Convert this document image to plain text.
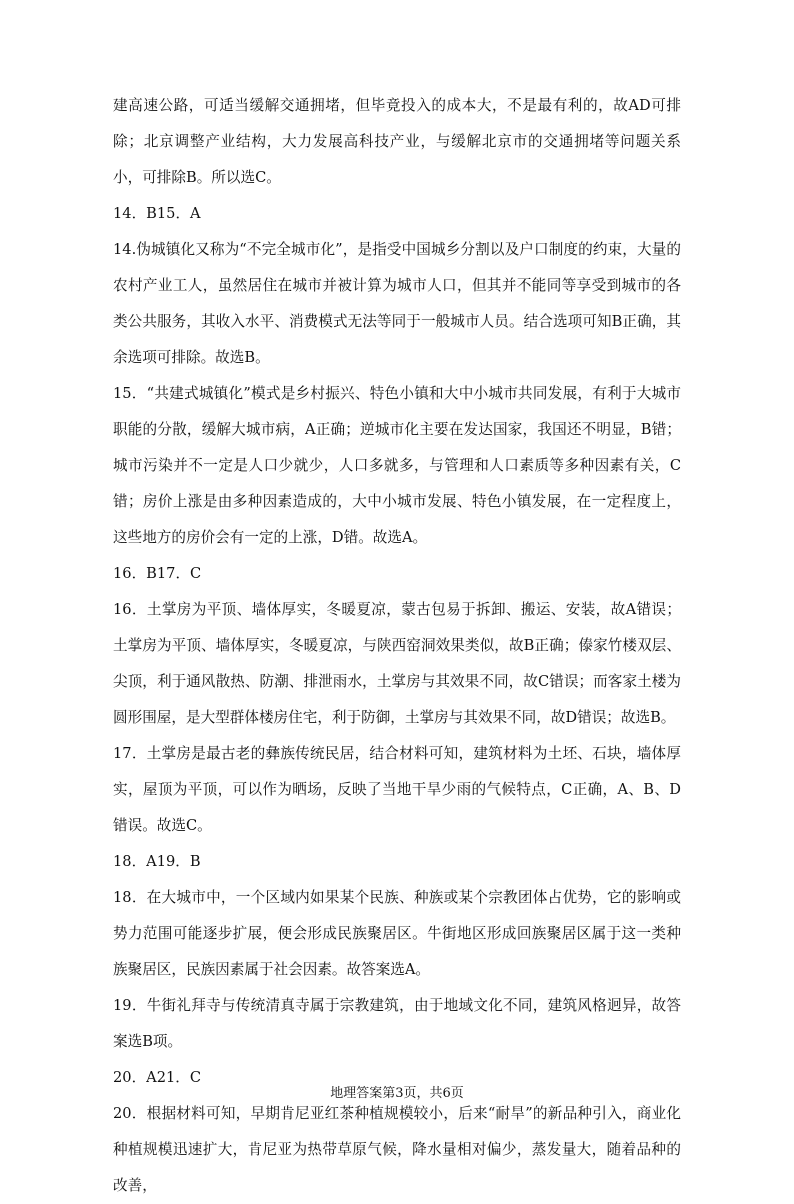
建高速公路，可适当缓解交通拥堵，但毕竟投入的成本大，不是最有利的，故AD可排除；北京调整产业结构，大力发展高科技产业，与缓解北京市的交通拥堵等问题关系小，可排除B。所以选C。

14．B15．A

14.伪城镇化又称为“不完全城市化”，是指受中国城乡分割以及户口制度的约束，大量的农村产业工人，虽然居住在城市并被计算为城市人口，但其并不能同等享受到城市的各类公共服务，其收入水平、消费模式无法等同于一般城市人员。结合选项可知B正确，其余选项可排除。故选B。

15．“共建式城镇化”模式是乡村振兴、特色小镇和大中小城市共同发展，有利于大城市职能的分散，缓解大城市病，A正确；逆城市化主要在发达国家，我国还不明显，B错；城市污染并不一定是人口少就少，人口多就多，与管理和人口素质等多种因素有关，C错；房价上涨是由多种因素造成的，大中小城市发展、特色小镇发展，在一定程度上，这些地方的房价会有一定的上涨，D错。故选A。

16．B17．C

16．土掌房为平顶、墙体厚实，冬暖夏凉，蒙古包易于拆卸、搬运、安装，故A错误；土掌房为平顶、墙体厚实，冬暖夏凉，与陕西窑洞效果类似，故B正确；傣家竹楼双层、尖顶，利于通风散热、防潮、排泄雨水，土掌房与其效果不同，故C错误；而客家土楼为圆形围屋，是大型群体楼房住宅，利于防御，土掌房与其效果不同，故D错误；故选B。

17．土掌房是最古老的彝族传统民居，结合材料可知，建筑材料为土坯、石块，墙体厚实，屋顶为平顶，可以作为晒场，反映了当地干旱少雨的气候特点，C正确，A、B、D错误。故选C。

18．A19．B

18．在大城市中，一个区域内如果某个民族、种族或某个宗教团体占优势，它的影响或势力范围可能逐步扩展，便会形成民族聚居区。牛街地区形成回族聚居区属于这一类种族聚居区，民族因素属于社会因素。故答案选A。

19．牛街礼拜寺与传统清真寺属于宗教建筑，由于地域文化不同，建筑风格迥异，故答案选B项。

20．A21．C

20．根据材料可知，早期肯尼亚红茶种植规模较小，后来“耐旱”的新品种引入，商业化种植规模迅速扩大，肯尼亚为热带草原气候，降水量相对偏少，蒸发量大，随着品种的改善，

地理答案第3页，共6页
